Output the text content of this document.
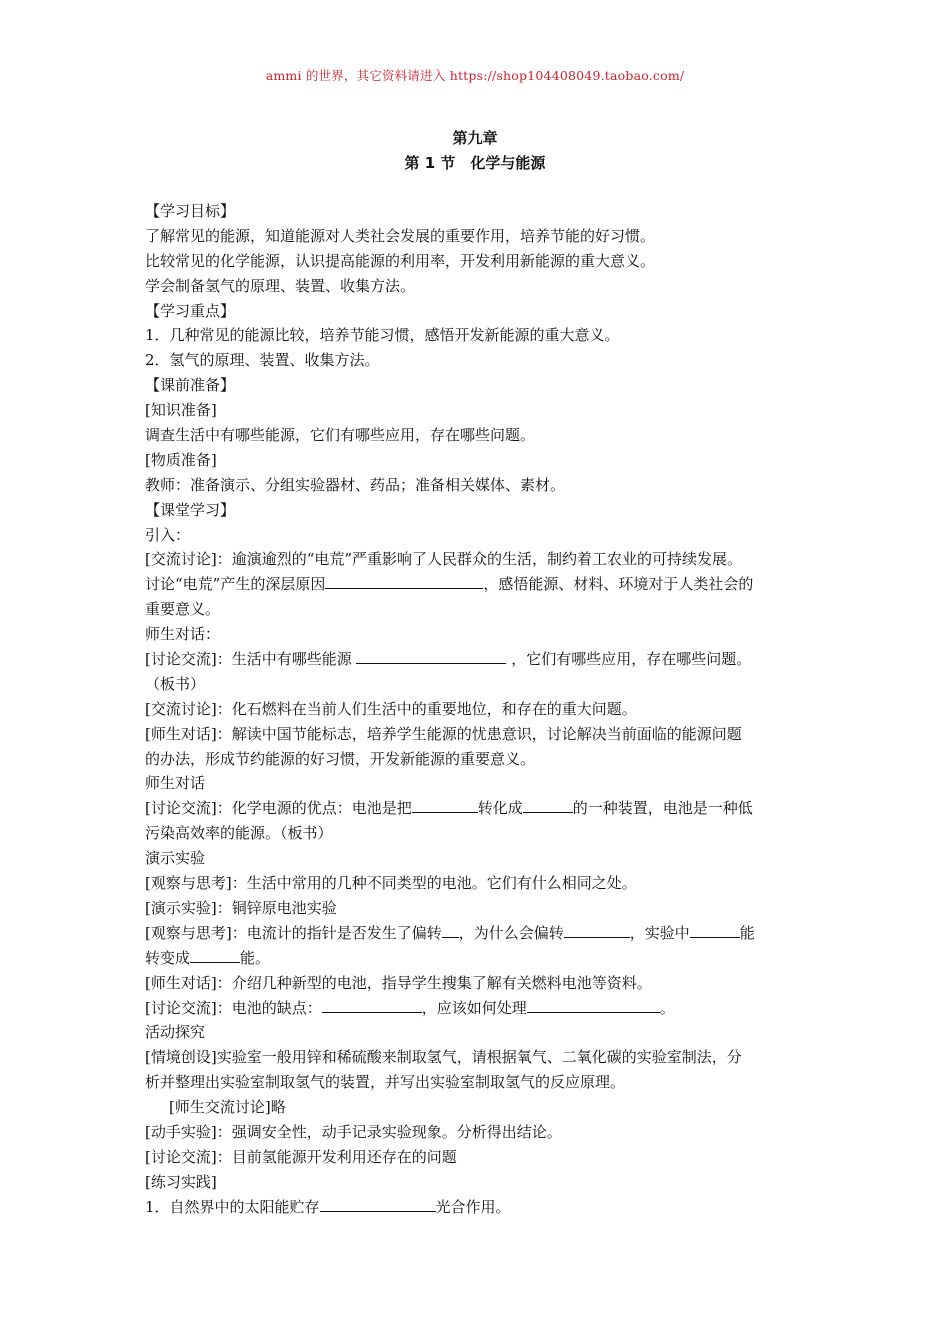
ammi 的世界，其它资料请进入 https://shop104408049.taobao.com/
第九章
第 1 节　化学与能源
【学习目标】
了解常见的能源，知道能源对人类社会发展的重要作用，培养节能的好习惯。
比较常见的化学能源，认识提高能源的利用率，开发利用新能源的重大意义。
学会制备氢气的原理、装置、收集方法。
【学习重点】
1．几种常见的能源比较，培养节能习惯，感悟开发新能源的重大意义。
2．氢气的原理、装置、收集方法。
【课前准备】
[知识准备]
调查生活中有哪些能源，它们有哪些应用，存在哪些问题。
[物质准备]
教师：准备演示、分组实验器材、药品；准备相关媒体、素材。
【课堂学习】
引入：
[交流讨论]：逾演逾烈的“电荒”严重影响了人民群众的生活，制约着工农业的可持续发展。
讨论“电荒”产生的深层原因	，感悟能源、材料、环境对于人类社会的
重要意义。
师生对话：
[讨论交流]：生活中有哪些能源	，它们有哪些应用，存在哪些问题。
（板书）
[交流讨论]：化石燃料在当前人们生活中的重要地位，和存在的重大问题。
[师生对话]：解读中国节能标志，培养学生能源的忧患意识，讨论解决当前面临的能源问题
的办法，形成节约能源的好习惯，开发新能源的重要意义。
师生对话
[讨论交流]：化学电源的优点：电池是把	转化成	的一种装置，电池是一种低
污染高效率的能源。（板书）
演示实验
[观察与思考]：生活中常用的几种不同类型的电池。它们有什么相同之处。
[演示实验]：铜锌原电池实验
[观察与思考]：电流计的指针是否发生了偏转 ，为什么会偏转	，实验中	能
转变成	能。
[师生对话]：介绍几种新型的电池，指导学生搜集了解有关燃料电池等资料。
[讨论交流]：电池的缺点：	，应该如何处理	。
活动探究
[情境创设]实验室一般用锌和稀硫酸来制取氢气，请根据氧气、二氧化碳的实验室制法，分
析并整理出实验室制取氢气的装置，并写出实验室制取氢气的反应原理。
[师生交流讨论]略
[动手实验]：强调安全性，动手记录实验现象。分析得出结论。
[讨论交流]：目前氢能源开发利用还存在的问题
[练习实践]
1．自然界中的太阳能贮存	光合作用。
